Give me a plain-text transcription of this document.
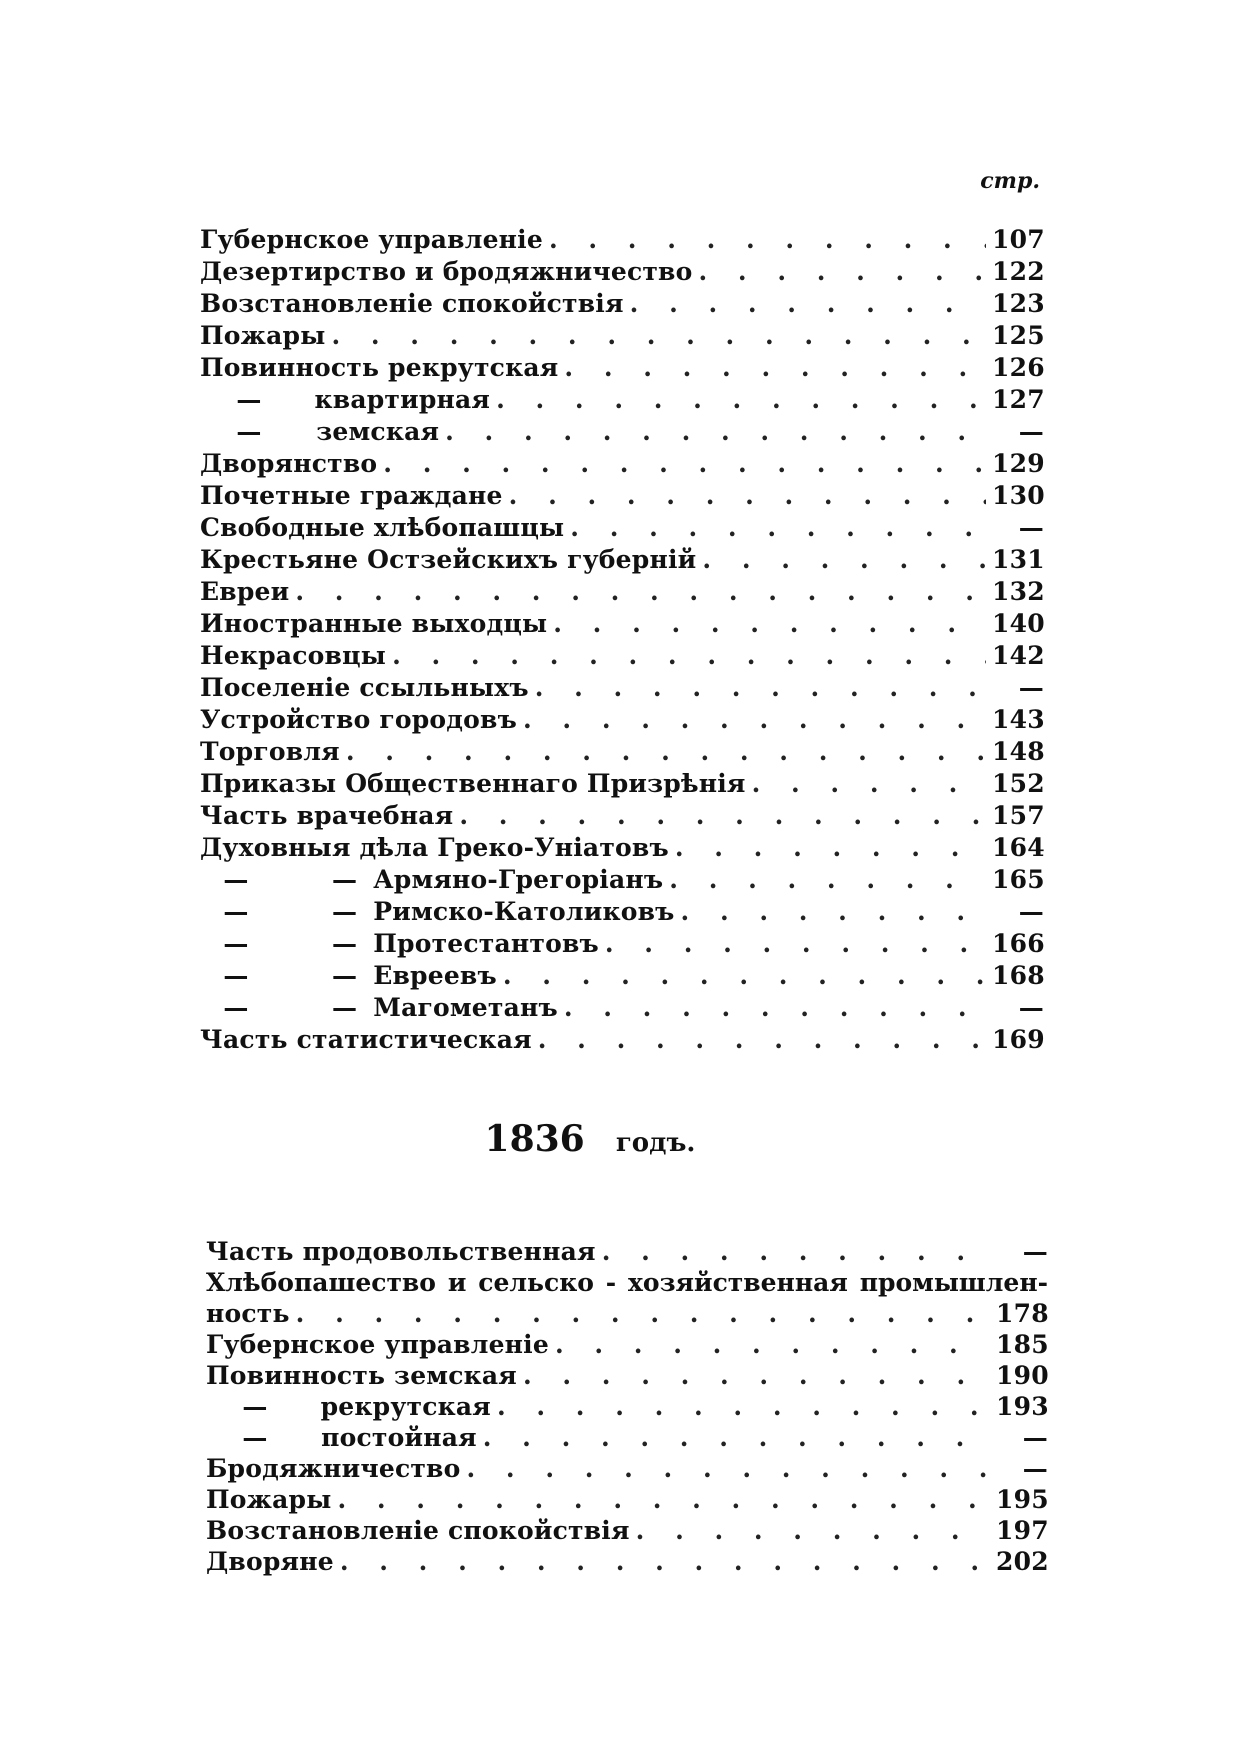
стр.
Губернское управленіе . . .	107
Дезертирство и бродяжничество . . .	122
Возстановленіе спокойствія . . .	123
Пожары . . .	125
Повинность рекрутская . . .	126
—	квартирная . . .	127
—	земская . . .	—
Дворянство . . .	129
Почетные граждане . . .	130
Свободные хлѣбопашцы . . .	—
Крестьяне Остзейскихъ губерній . . .	131
Евреи . . .	132
Иностранные выходцы . . .	140
Некрасовцы . . .	142
Поселеніе ссыльныхъ . . .	—
Устройство городовъ . . .	143
Торговля . . .	148
Приказы Общественнаго Призрѣнія . . .	152
Часть врачебная . . .	157
Духовныя дѣла Греко-Уніатовъ . . .	164
—	— Армяно-Грегоріанъ . . .	165
—	— Римско-Католиковъ . . .	—
—	— Протестантовъ . . .	166
—	— Евреевъ . . .	168
—	— Магометанъ . . .	—
Часть статистическая . . .	169
1836 годъ.
Часть продовольственная . . .	—
Хлѣбопашество и сельско - хозяйственная промышлен-
ность . . .	178
Губернское управленіе . . .	185
Повинность земская . . .	190
—	рекрутская . . .	193
—	постойная . . .	—
Бродяжничество . . .	—
Пожары . . .	195
Возстановленіе спокойствія . . .	197
Дворяне . . .	202
